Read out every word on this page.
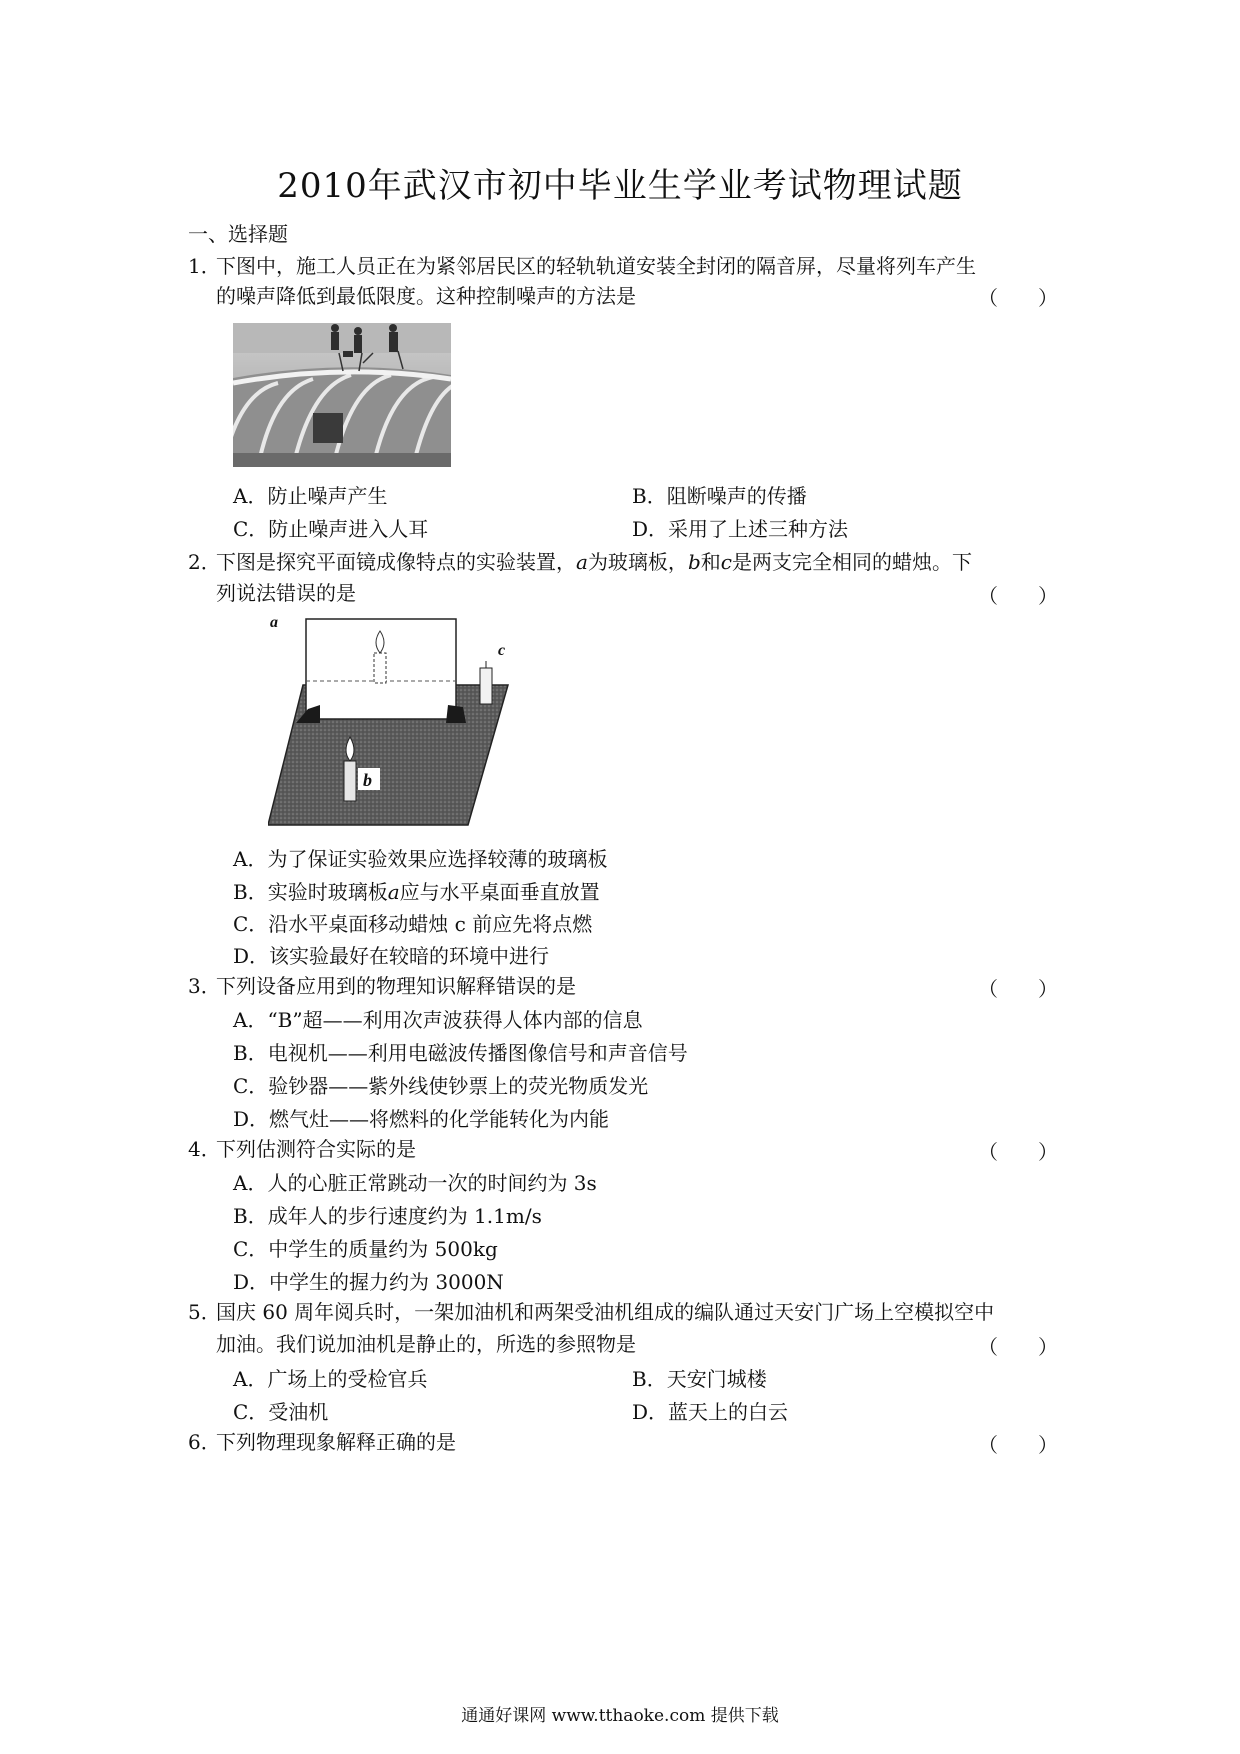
2010年武汉市初中毕业生学业考试物理试题
一、选择题
1．下图中，施工人员正在为紧邻居民区的轻轨轨道安装全封闭的隔音屏，尽量将列车产生
的噪声降低到最低限度。这种控制噪声的方法是	（　　）
A．防止噪声产生	B．阻断噪声的传播
C．防止噪声进入人耳	D．采用了上述三种方法
2．下图是探究平面镜成像特点的实验装置，a为玻璃板，b和c是两支完全相同的蜡烛。下
列说法错误的是	（　　）
b
a
c
A．为了保证实验效果应选择较薄的玻璃板
B．实验时玻璃板a应与水平桌面垂直放置
C．沿水平桌面移动蜡烛 c 前应先将点燃
D．该实验最好在较暗的环境中进行
3．下列设备应用到的物理知识解释错误的是	（　　）
A．“B”超——利用次声波获得人体内部的信息
B．电视机——利用电磁波传播图像信号和声音信号
C．验钞器——紫外线使钞票上的荧光物质发光
D．燃气灶——将燃料的化学能转化为内能
4．下列估测符合实际的是	（　　）
A．人的心脏正常跳动一次的时间约为 3s
B．成年人的步行速度约为 1.1m/s
C．中学生的质量约为 500kg
D．中学生的握力约为 3000N
5．国庆 60 周年阅兵时，一架加油机和两架受油机组成的编队通过天安门广场上空模拟空中
加油。我们说加油机是静止的，所选的参照物是	（　　）
A．广场上的受检官兵	B．天安门城楼
C．受油机	D．蓝天上的白云
6．下列物理现象解释正确的是	（　　）
通通好课网 www.tthaoke.com 提供下载
